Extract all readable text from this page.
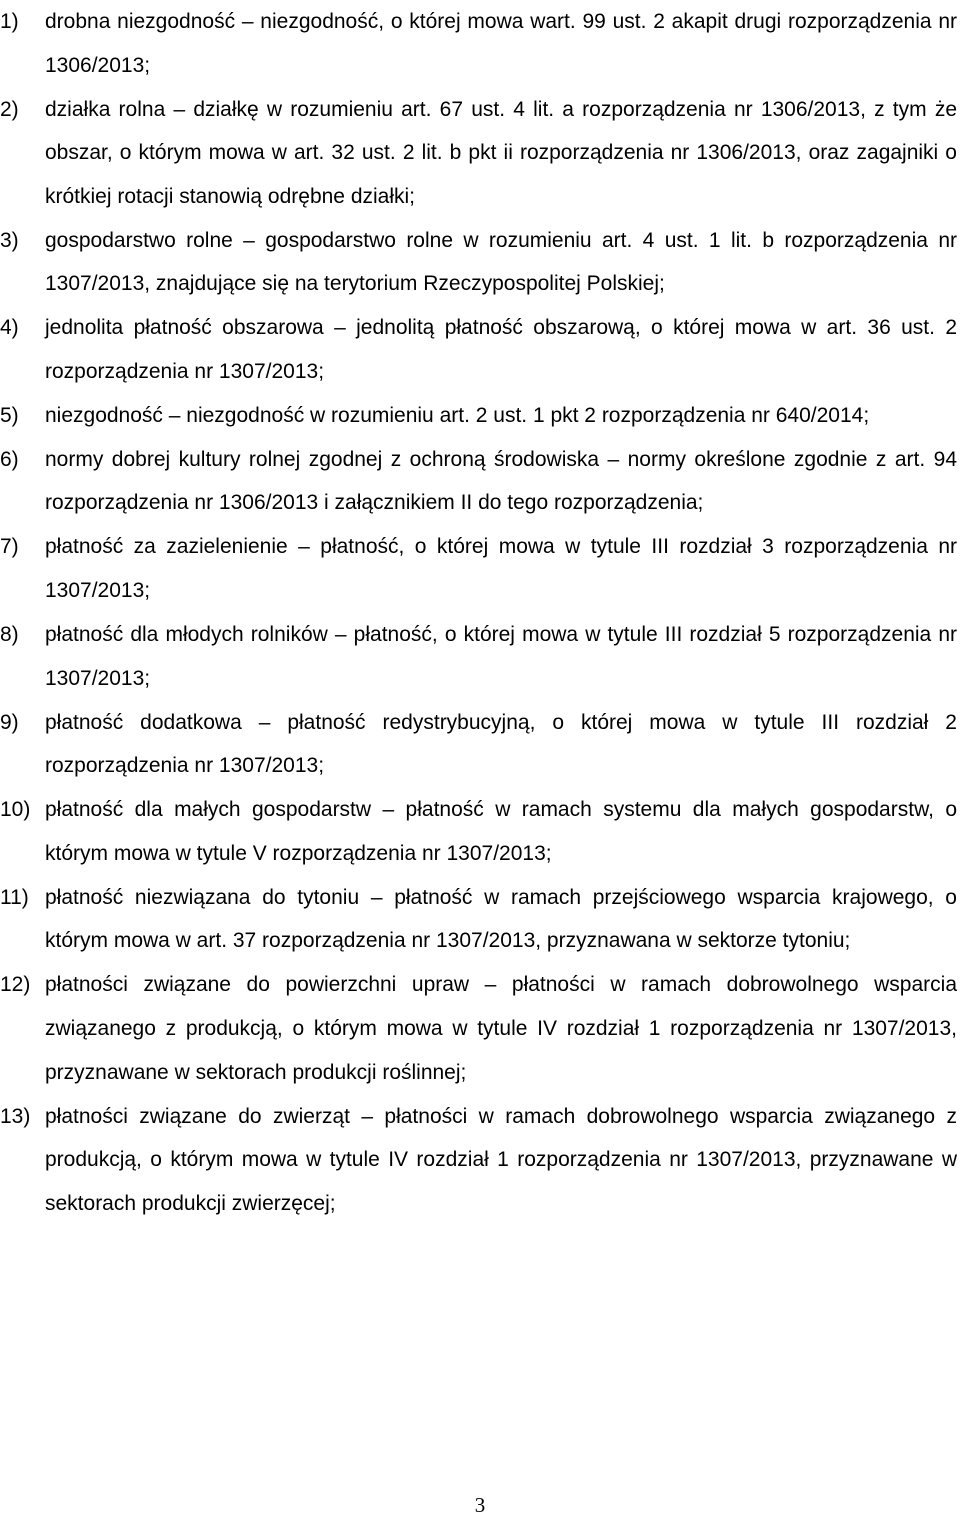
1) drobna niezgodność – niezgodność, o której mowa wart. 99 ust. 2 akapit drugi rozporządzenia nr 1306/2013;
2) działka rolna – działkę w rozumieniu art. 67 ust. 4 lit. a rozporządzenia nr 1306/2013, z tym że obszar, o którym mowa w art. 32 ust. 2 lit. b pkt ii rozporządzenia nr 1306/2013, oraz zagajniki o krótkiej rotacji stanowią odrębne działki;
3) gospodarstwo rolne – gospodarstwo rolne w rozumieniu art. 4 ust. 1 lit. b rozporządzenia nr 1307/2013, znajdujące się na terytorium Rzeczypospolitej Polskiej;
4) jednolita płatność obszarowa – jednolitą płatność obszarową, o której mowa w art. 36 ust. 2 rozporządzenia nr 1307/2013;
5) niezgodność – niezgodność w rozumieniu art. 2 ust. 1 pkt 2 rozporządzenia nr 640/2014;
6) normy dobrej kultury rolnej zgodnej z ochroną środowiska – normy określone zgodnie z art. 94 rozporządzenia nr 1306/2013 i załącznikiem II do tego rozporządzenia;
7) płatność za zazielenienie – płatność, o której mowa w tytule III rozdział 3 rozporządzenia nr 1307/2013;
8) płatność dla młodych rolników – płatność, o której mowa w tytule III rozdział 5 rozporządzenia nr 1307/2013;
9) płatność dodatkowa – płatność redystrybucyjną, o której mowa w tytule III rozdział 2 rozporządzenia nr 1307/2013;
10) płatność dla małych gospodarstw – płatność w ramach systemu dla małych gospodarstw, o którym mowa w tytule V rozporządzenia nr 1307/2013;
11) płatność niezwiązana do tytoniu – płatność w ramach przejściowego wsparcia krajowego, o którym mowa w art. 37 rozporządzenia nr 1307/2013, przyznawana w sektorze tytoniu;
12) płatności związane do powierzchni upraw – płatności w ramach dobrowolnego wsparcia związanego z produkcją, o którym mowa w tytule IV rozdział 1 rozporządzenia nr 1307/2013, przyznawane w sektorach produkcji roślinnej;
13) płatności związane do zwierząt – płatności w ramach dobrowolnego wsparcia związanego z produkcją, o którym mowa w tytule IV rozdział 1 rozporządzenia nr 1307/2013, przyznawane w sektorach produkcji zwierzęcej;
3
